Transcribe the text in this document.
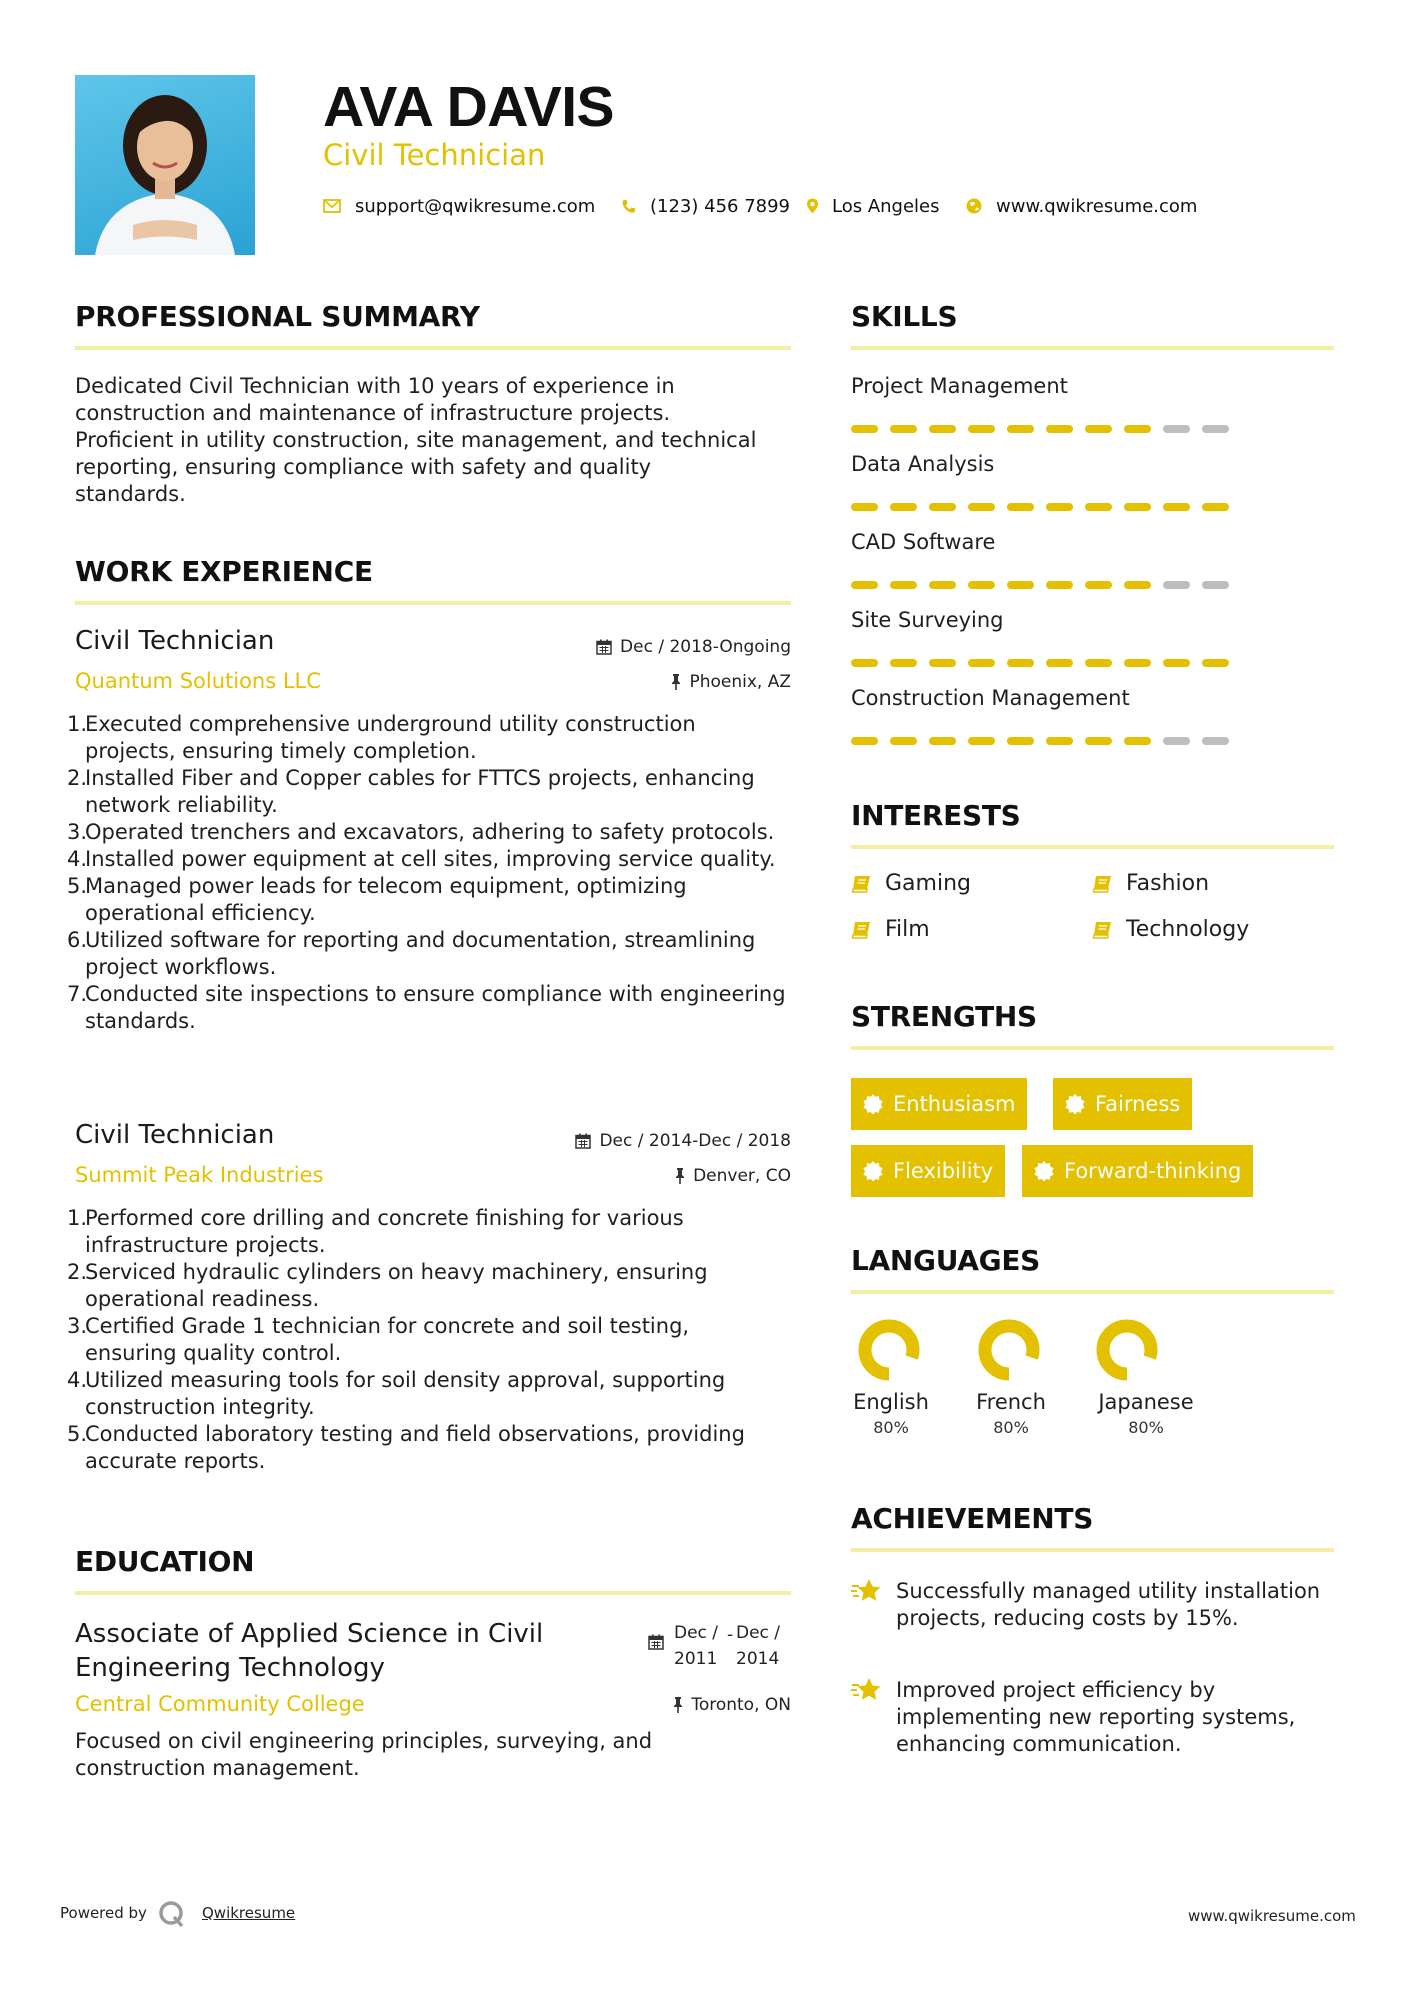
AVA DAVIS
Civil Technician
support@qwikresume.com	(123) 456 7899 Los Angeles	www.qwikresume.com
PROFESSIONAL SUMMARY
Dedicated Civil Technician with 10 years of experience in construction and maintenance of infrastructure projects. Proficient in utility construction, site management, and technical reporting, ensuring compliance with safety and quality standards.
WORK EXPERIENCE
Civil Technician	Dec
/
2018-Ongoing
Quantum Solutions LLC	Phoenix, AZ
1.
Executed comprehensive underground utility construction projects, ensuring timely completion.
2.
Installed Fiber and Copper cables for FTTCS projects, enhancing network reliability.
3.
Operated trenchers and excavators, adhering to safety protocols.
4.
Installed power equipment at cell sites, improving service quality.
5.
Managed power leads for telecom equipment, optimizing operational efficiency.
6.
Utilized software for reporting and documentation, streamlining project workflows.
7.
Conducted site inspections to ensure compliance with engineering standards.
Civil Technician	Dec
/
2014-Dec / 2018
Summit Peak Industries	Denver, CO
1.
Performed core drilling and concrete finishing for various infrastructure projects.
2.
Serviced hydraulic cylinders on heavy machinery, ensuring operational readiness.
3.
Certified Grade 1 technician for concrete and soil testing, ensuring quality control.
4.
Utilized measuring tools for soil density approval, supporting construction integrity.
5.
Conducted laboratory testing and field observations, providing accurate reports.
EDUCATION
Associate of Applied Science in Civil
Engineering Technology
Dec /
2011
- Dec /
2014
Central Community College	Toronto, ON
Focused on civil engineering principles, surveying, and construction management.
SKILLS
Project Management
Data Analysis
CAD Software
Site Surveying
Construction Management
INTERESTS
Gaming	Fashion
Film	Technology
STRENGTHS
Enthusiasm	Fairness
Flexibility	Forward-thinking
LANGUAGES
English
80%
French
80%
Japanese
80%
ACHIEVEMENTS
Successfully managed utility installation projects, reducing costs by 15%.
Improved project efficiency by implementing new reporting systems, enhancing communication.
Powered by	Qwikresume	www.qwikresume.com
